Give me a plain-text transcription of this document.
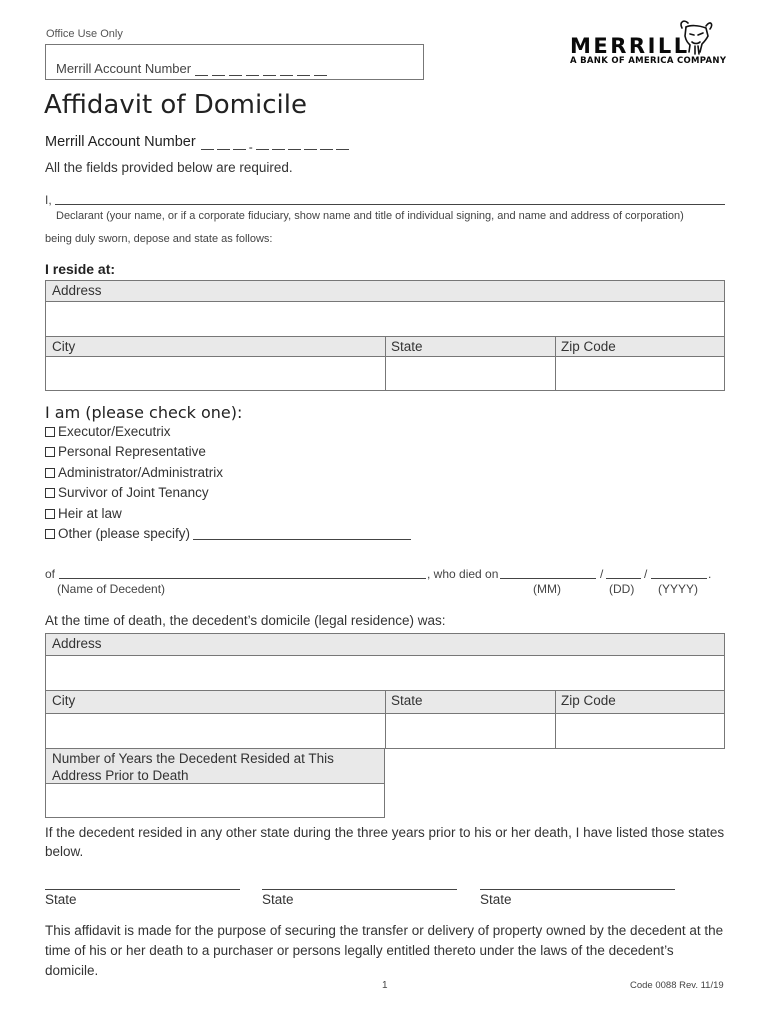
Office Use Only
Merrill Account Number
MERRILL
A BANK OF AMERICA COMPANY
Affidavit of Domicile
Merrill Account Number	-
All the fields provided below are required.
I,
Declarant (your name, or if a corporate fiduciary, show name and title of individual signing, and name and address of corporation)
being duly sworn, depose and state as follows:
I reside at:
Address
City	State	Zip Code
I am (please check one):
Executor/Executrix
Personal Representative
Administrator/Administratrix
Survivor of Joint Tenancy
Heir at law
Other (please specify)
of	, who died on	/	/	.
(Name of Decedent)	(MM)	(DD) (YYYY)
At the time of death, the decedent’s domicile (legal residence) was:
Address
City	State	Zip Code
Number of Years the Decedent Resided at This Address Prior to Death
If the decedent resided in any other state during the three years prior to his or her death, I have listed those states below.
State	State	State
This affidavit is made for the purpose of securing the transfer or delivery of property owned by the decedent at the time of his or her death to a purchaser or persons legally entitled thereto under the laws of the decedent’s domicile.
1	Code 0088 Rev. 11/19
